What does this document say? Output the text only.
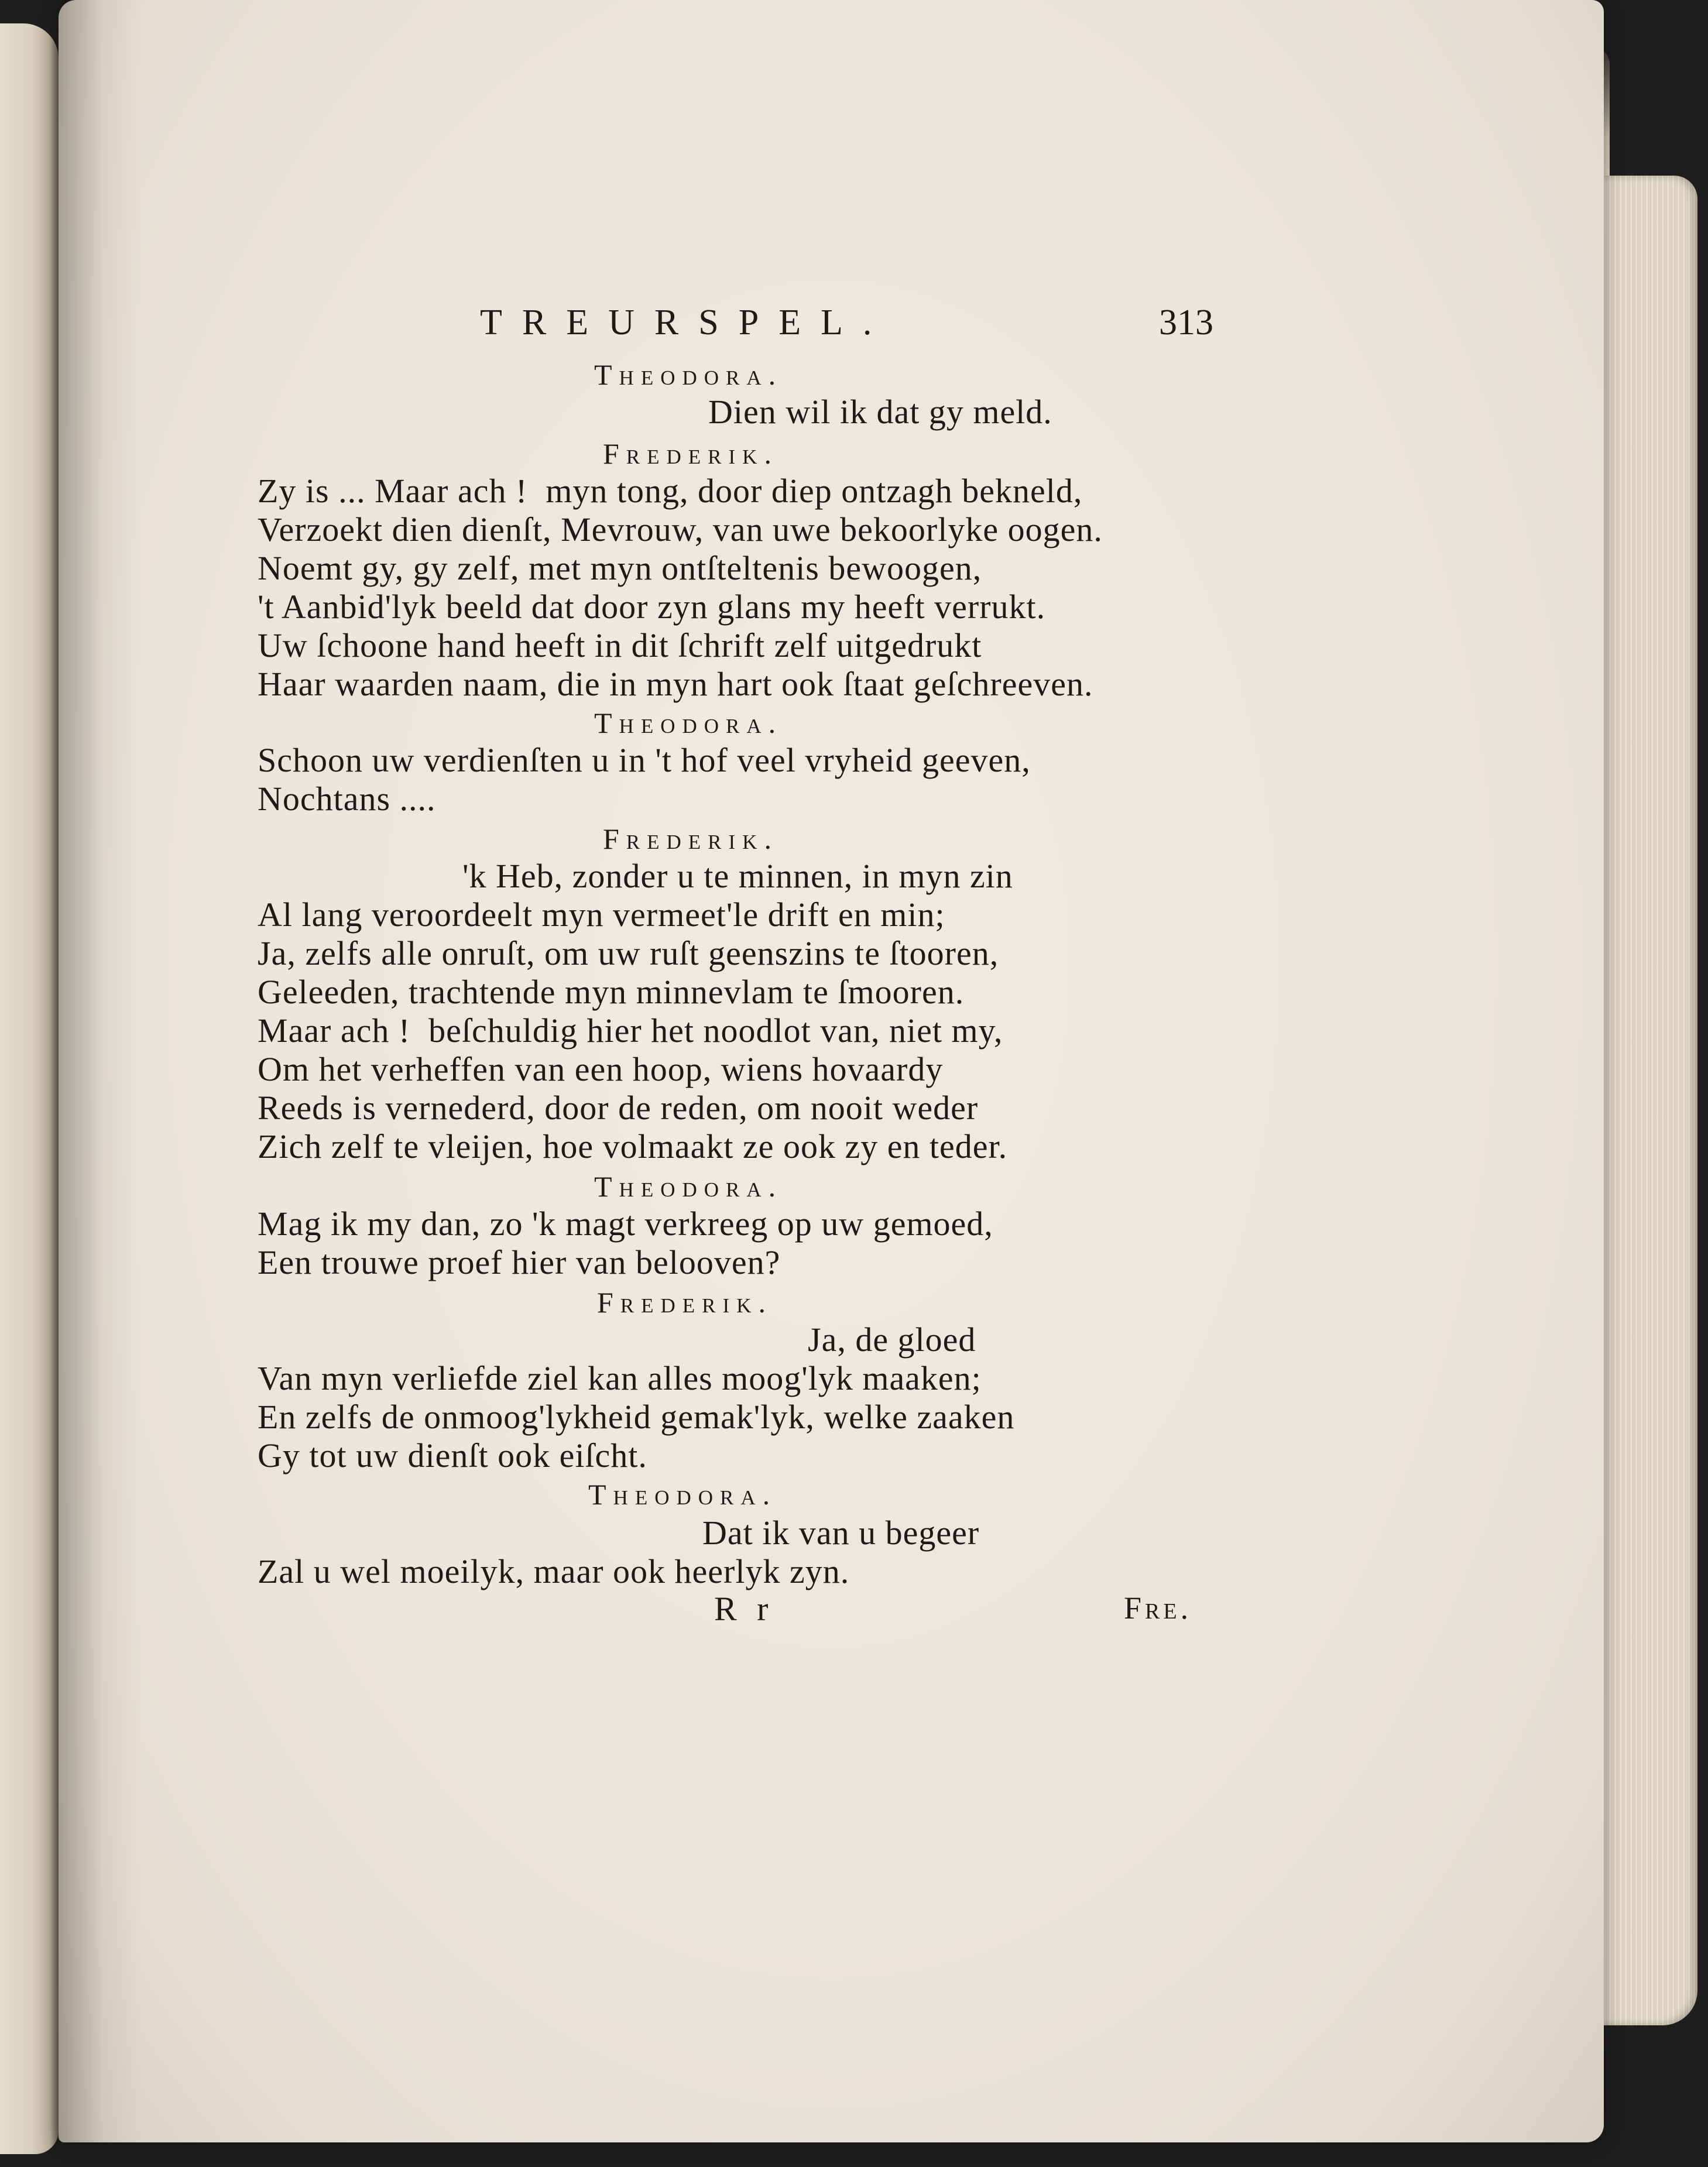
TREURSPEL.	313
Theodora.
Dien wil ik dat gy meld.
Frederik.
Zy is ... Maar ach !  myn tong, door diep ontzagh bekneld,
Verzoekt dien dienſt, Mevrouw, van uwe bekoorlyke oogen.
Noemt gy, gy zelf, met myn ontſteltenis bewoogen,
't Aanbid'lyk beeld dat door zyn glans my heeft verrukt.
Uw ſchoone hand heeft in dit ſchrift zelf uitgedrukt
Haar waarden naam, die in myn hart ook ſtaat geſchreeven.
Theodora.
Schoon uw verdienſten u in 't hof veel vryheid geeven,
Nochtans ....
Frederik.
'k Heb, zonder u te minnen, in myn zin
Al lang veroordeelt myn vermeet'le drift en min;
Ja, zelfs alle onruſt, om uw ruſt geenszins te ſtooren,
Geleeden, trachtende myn minnevlam te ſmooren.
Maar ach !  beſchuldig hier het noodlot van, niet my,
Om het verheffen van een hoop, wiens hovaardy
Reeds is vernederd, door de reden, om nooit weder
Zich zelf te vleijen, hoe volmaakt ze ook zy en teder.
Theodora.
Mag ik my dan, zo 'k magt verkreeg op uw gemoed,
Een trouwe proef hier van belooven?
Frederik.
Ja, de gloed
Van myn verliefde ziel kan alles moog'lyk maaken;
En zelfs de onmoog'lykheid gemak'lyk, welke zaaken
Gy tot uw dienſt ook eiſcht.
Theodora.
Dat ik van u begeer
Zal u wel moeilyk, maar ook heerlyk zyn.
R r	Fre.
